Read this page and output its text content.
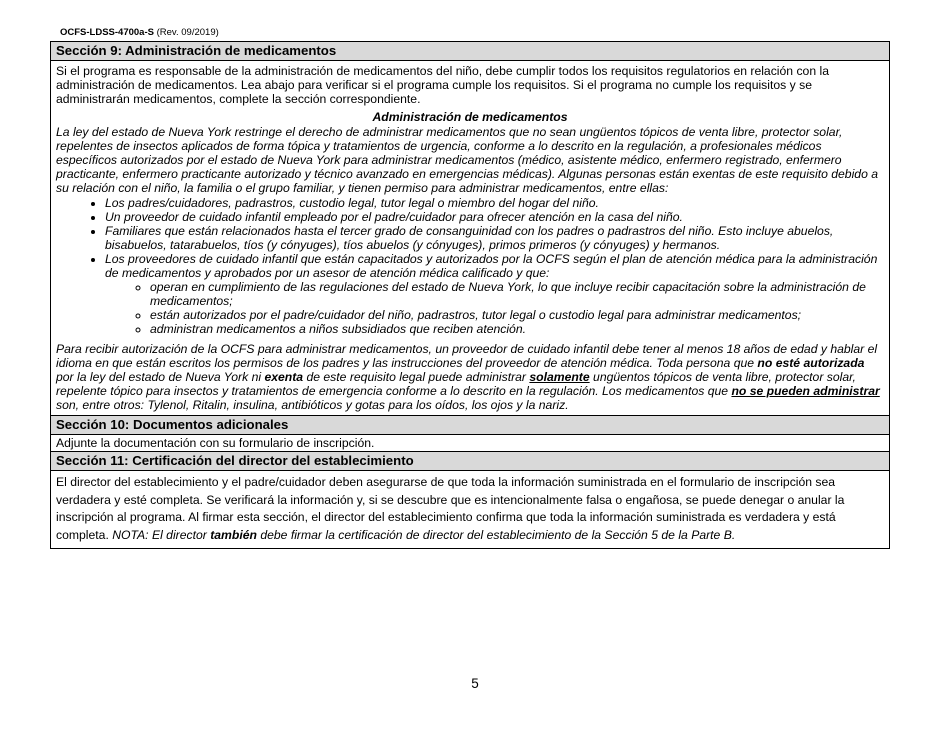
OCFS-LDSS-4700a-S (Rev. 09/2019)
Sección 9: Administración de medicamentos
Si el programa es responsable de la administración de medicamentos del niño, debe cumplir todos los requisitos regulatorios en relación con la administración de medicamentos. Lea abajo para verificar si el programa cumple los requisitos. Si el programa no cumple los requisitos y se administrarán medicamentos, complete la sección correspondiente.
Administración de medicamentos
La ley del estado de Nueva York restringe el derecho de administrar medicamentos que no sean ungüentos tópicos de venta libre, protector solar, repelentes de insectos aplicados de forma tópica y tratamientos de urgencia, conforme a lo descrito en la regulación, a profesionales médicos específicos autorizados por el estado de Nueva York para administrar medicamentos (médico, asistente médico, enfermero registrado, enfermero practicante, enfermero practicante autorizado y técnico avanzado en emergencias médicas). Algunas personas están exentas de este requisito debido a su relación con el niño, la familia o el grupo familiar, y tienen permiso para administrar medicamentos, entre ellas:
• Los padres/cuidadores, padrastros, custodio legal, tutor legal o miembro del hogar del niño.
• Un proveedor de cuidado infantil empleado por el padre/cuidador para ofrecer atención en la casa del niño.
• Familiares que están relacionados hasta el tercer grado de consanguinidad con los padres o padrastros del niño. Esto incluye abuelos, bisabuelos, tatarabuelos, tíos (y cónyuges), tíos abuelos (y cónyuges), primos primeros (y cónyuges) y hermanos.
• Los proveedores de cuidado infantil que están capacitados y autorizados por la OCFS según el plan de atención médica para la administración de medicamentos y aprobados por un asesor de atención médica calificado y que:
◦ operan en cumplimiento de las regulaciones del estado de Nueva York, lo que incluye recibir capacitación sobre la administración de medicamentos;
◦ están autorizados por el padre/cuidador del niño, padrastros, tutor legal o custodio legal para administrar medicamentos;
◦ administran medicamentos a niños subsidiados que reciben atención.
Para recibir autorización de la OCFS para administrar medicamentos, un proveedor de cuidado infantil debe tener al menos 18 años de edad y hablar el idioma en que están escritos los permisos de los padres y las instrucciones del proveedor de atención médica. Toda persona que no esté autorizada por la ley del estado de Nueva York ni exenta de este requisito legal puede administrar solamente ungüentos tópicos de venta libre, protector solar, repelente tópico para insectos y tratamientos de emergencia conforme a lo descrito en la regulación. Los medicamentos que no se pueden administrar son, entre otros: Tylenol, Ritalin, insulina, antibióticos y gotas para los oídos, los ojos y la nariz.
Sección 10: Documentos adicionales
Adjunte la documentación con su formulario de inscripción.
Sección 11: Certificación del director del establecimiento
El director del establecimiento y el padre/cuidador deben asegurarse de que toda la información suministrada en el formulario de inscripción sea verdadera y esté completa. Se verificará la información y, si se descubre que es intencionalmente falsa o engañosa, se puede denegar o anular la inscripción al programa. Al firmar esta sección, el director del establecimiento confirma que toda la información suministrada es verdadera y está completa. NOTA: El director también debe firmar la certificación de director del establecimiento de la Sección 5 de la Parte B.
5
